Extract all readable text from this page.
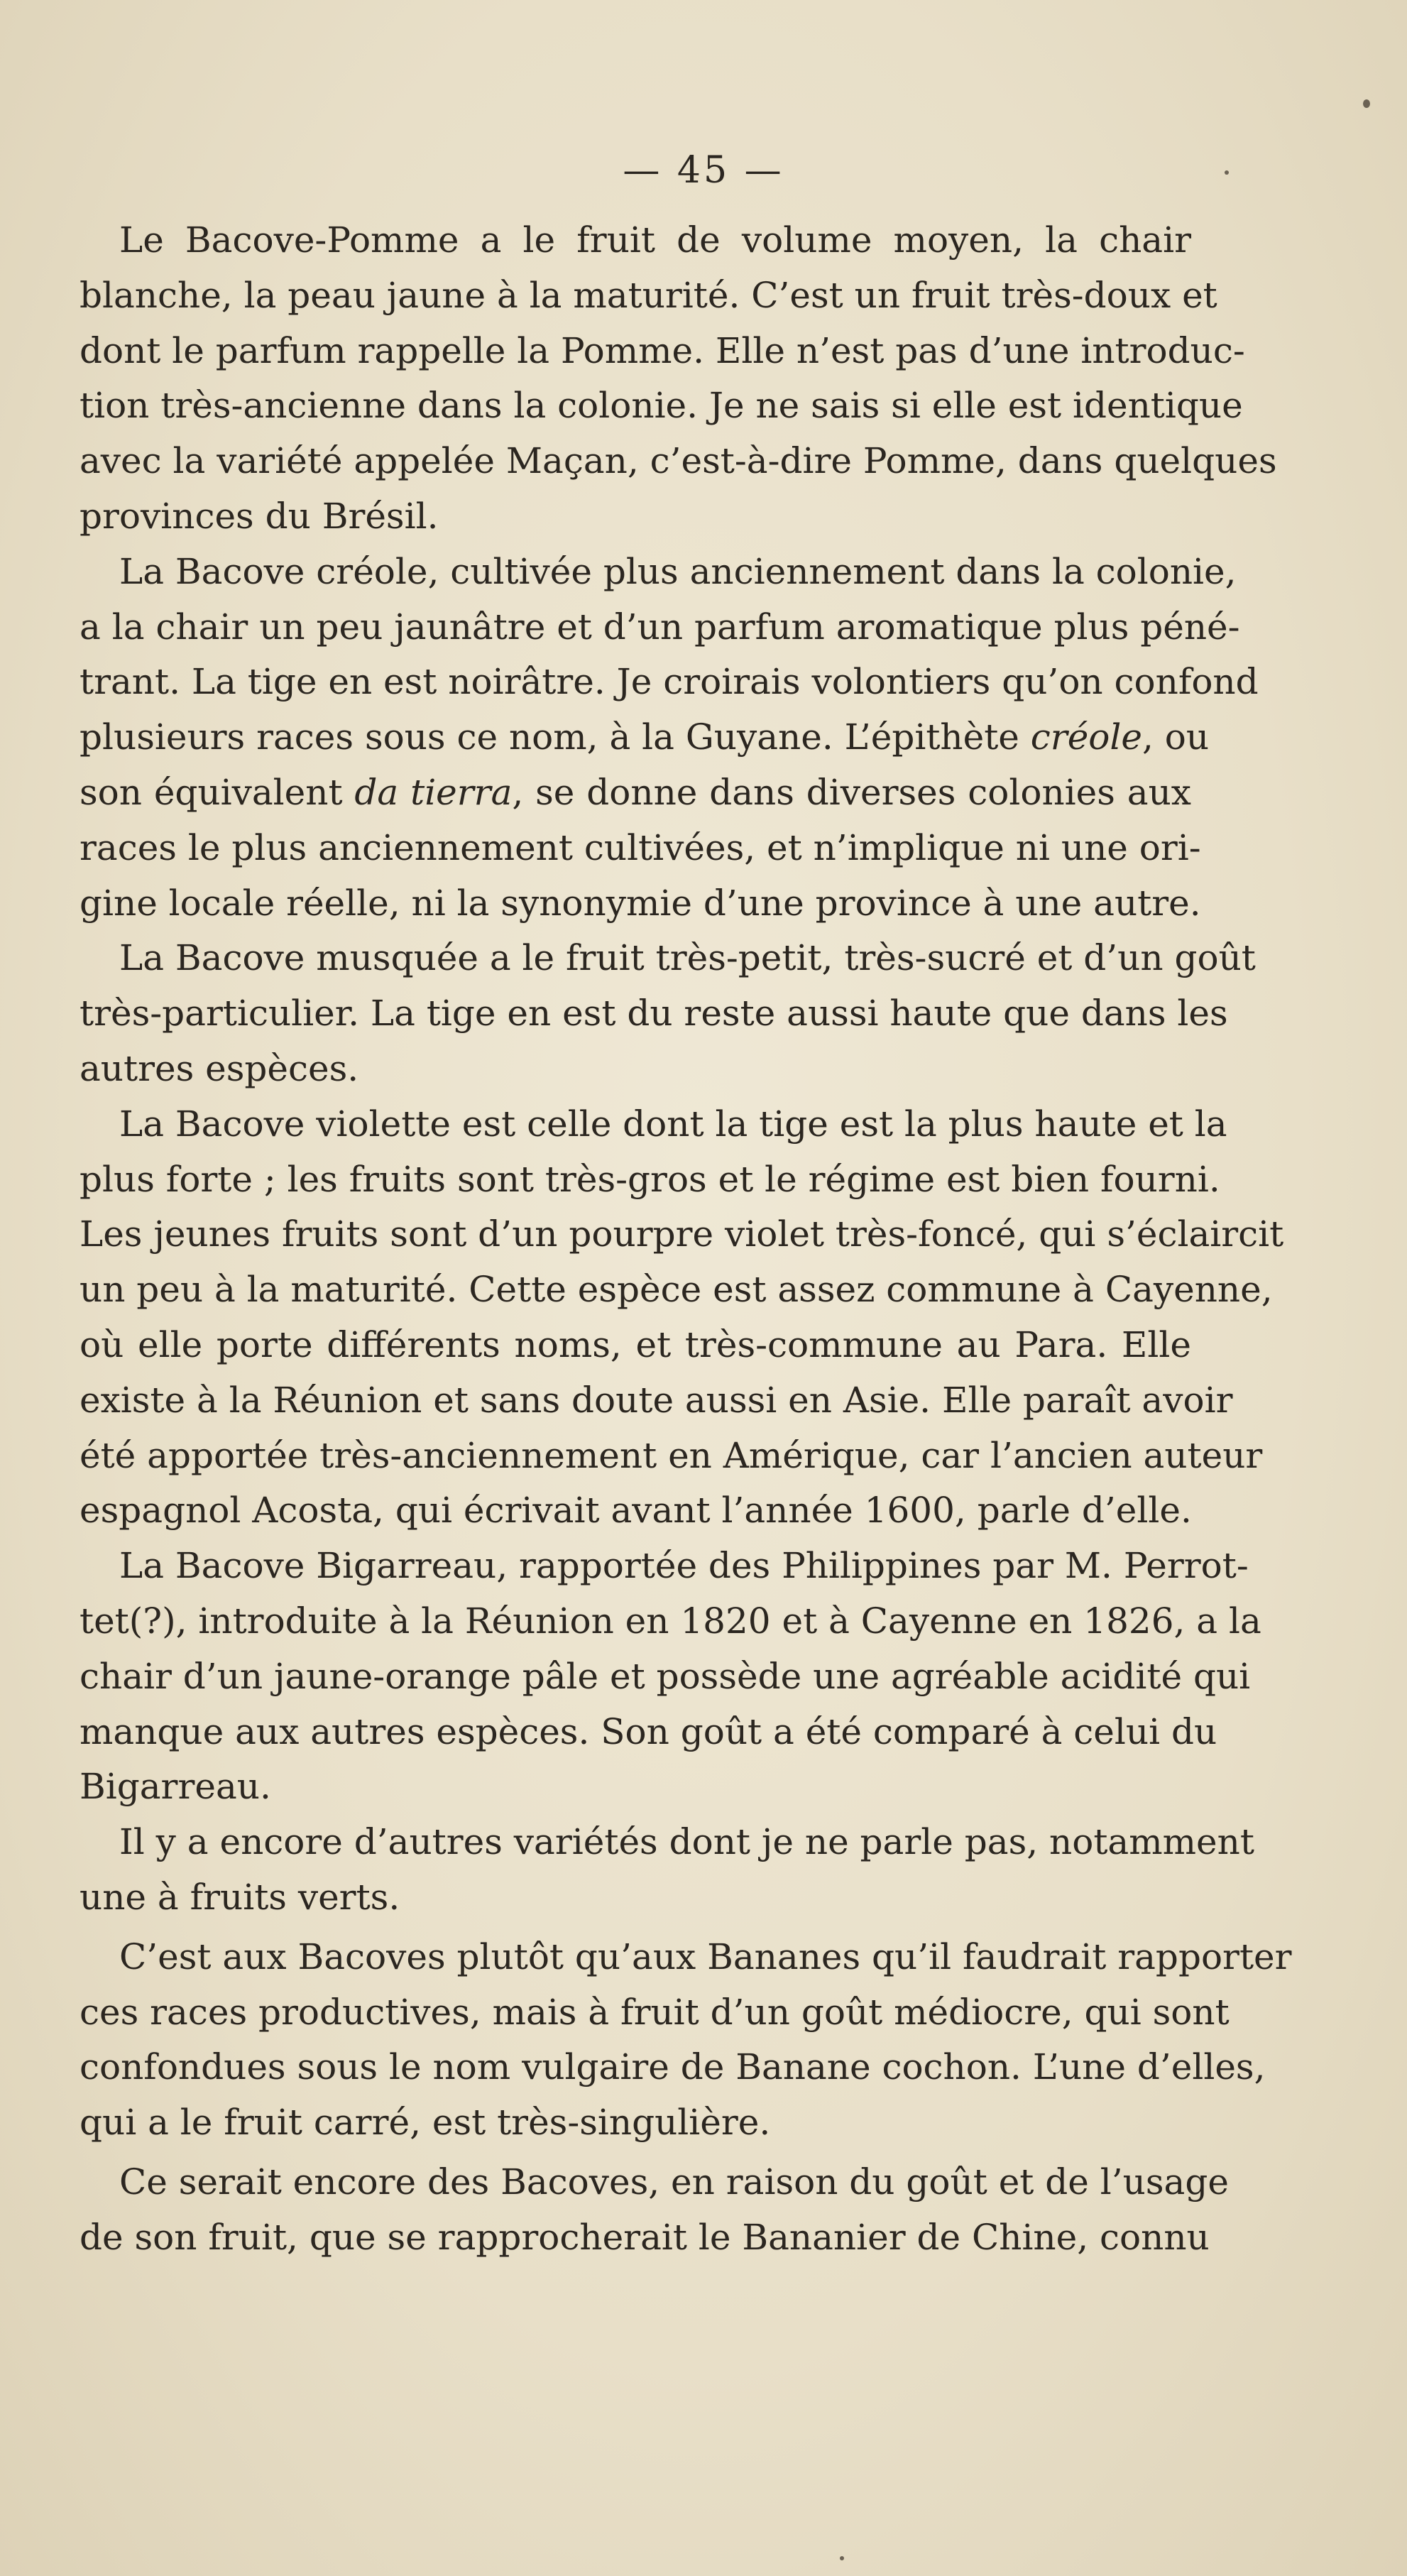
— 45 —

Le Bacove-Pomme a le fruit de volume moyen, la chair
blanche, la peau jaune à la maturité. C’est un fruit très-doux et
dont le parfum rappelle la Pomme. Elle n’est pas d’une introduc-
tion très-ancienne dans la colonie. Je ne sais si elle est identique
avec la variété appelée Maçan, c’est-à-dire Pomme, dans quelques
provinces du Brésil.

La Bacove créole, cultivée plus anciennement dans la colonie,
a la chair un peu jaunâtre et d’un parfum aromatique plus péné-
trant. La tige en est noirâtre. Je croirais volontiers qu’on confond
plusieurs races sous ce nom, à la Guyane. L’épithète créole, ou
son équivalent da tierra, se donne dans diverses colonies aux
races le plus anciennement cultivées, et n’implique ni une ori-
gine locale réelle, ni la synonymie d’une province à une autre.

La Bacove musquée a le fruit très-petit, très-sucré et d’un goût
très-particulier. La tige en est du reste aussi haute que dans les
autres espèces.

La Bacove violette est celle dont la tige est la plus haute et la
plus forte ; les fruits sont très-gros et le régime est bien fourni.
Les jeunes fruits sont d’un pourpre violet très-foncé, qui s’éclaircit
un peu à la maturité. Cette espèce est assez commune à Cayenne,
où elle porte différents noms, et très-commune au Para. Elle
existe à la Réunion et sans doute aussi en Asie. Elle paraît avoir
été apportée très-anciennement en Amérique, car l’ancien auteur
espagnol Acosta, qui écrivait avant l’année 1600, parle d’elle.

La Bacove Bigarreau, rapportée des Philippines par M. Perrot-
tet(?), introduite à la Réunion en 1820 et à Cayenne en 1826, a la
chair d’un jaune-orange pâle et possède une agréable acidité qui
manque aux autres espèces. Son goût a été comparé à celui du
Bigarreau.

Il y a encore d’autres variétés dont je ne parle pas, notamment
une à fruits verts.

C’est aux Bacoves plutôt qu’aux Bananes qu’il faudrait rapporter
ces races productives, mais à fruit d’un goût médiocre, qui sont
confondues sous le nom vulgaire de Banane cochon. L’une d’elles,
qui a le fruit carré, est très-singulière.

Ce serait encore des Bacoves, en raison du goût et de l’usage
de son fruit, que se rapprocherait le Bananier de Chine, connu
